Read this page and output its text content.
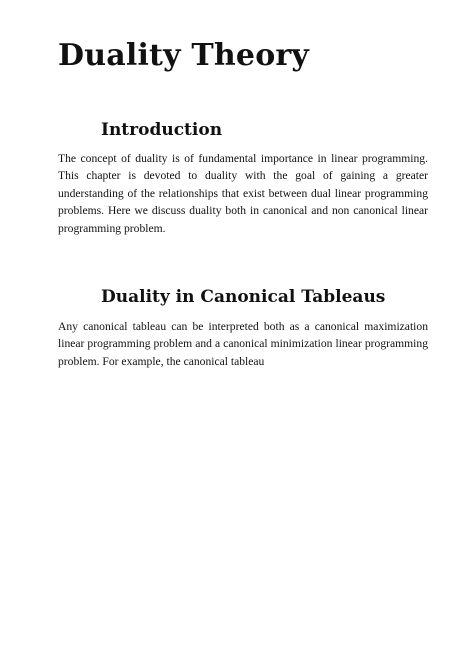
Duality Theory
Introduction

The concept of duality is of fundamental importance in linear programming. This chapter is devoted to duality with the goal of gaining a greater understanding of the relationships that exist between dual linear programming problems. Here we discuss duality both in canonical and non canonical linear programming problem.

Duality in Canonical Tableaus

Any canonical tableau can be interpreted both as a canonical maximization linear programming problem and a canonical minimization linear programming problem. For example, the canonical tableau
